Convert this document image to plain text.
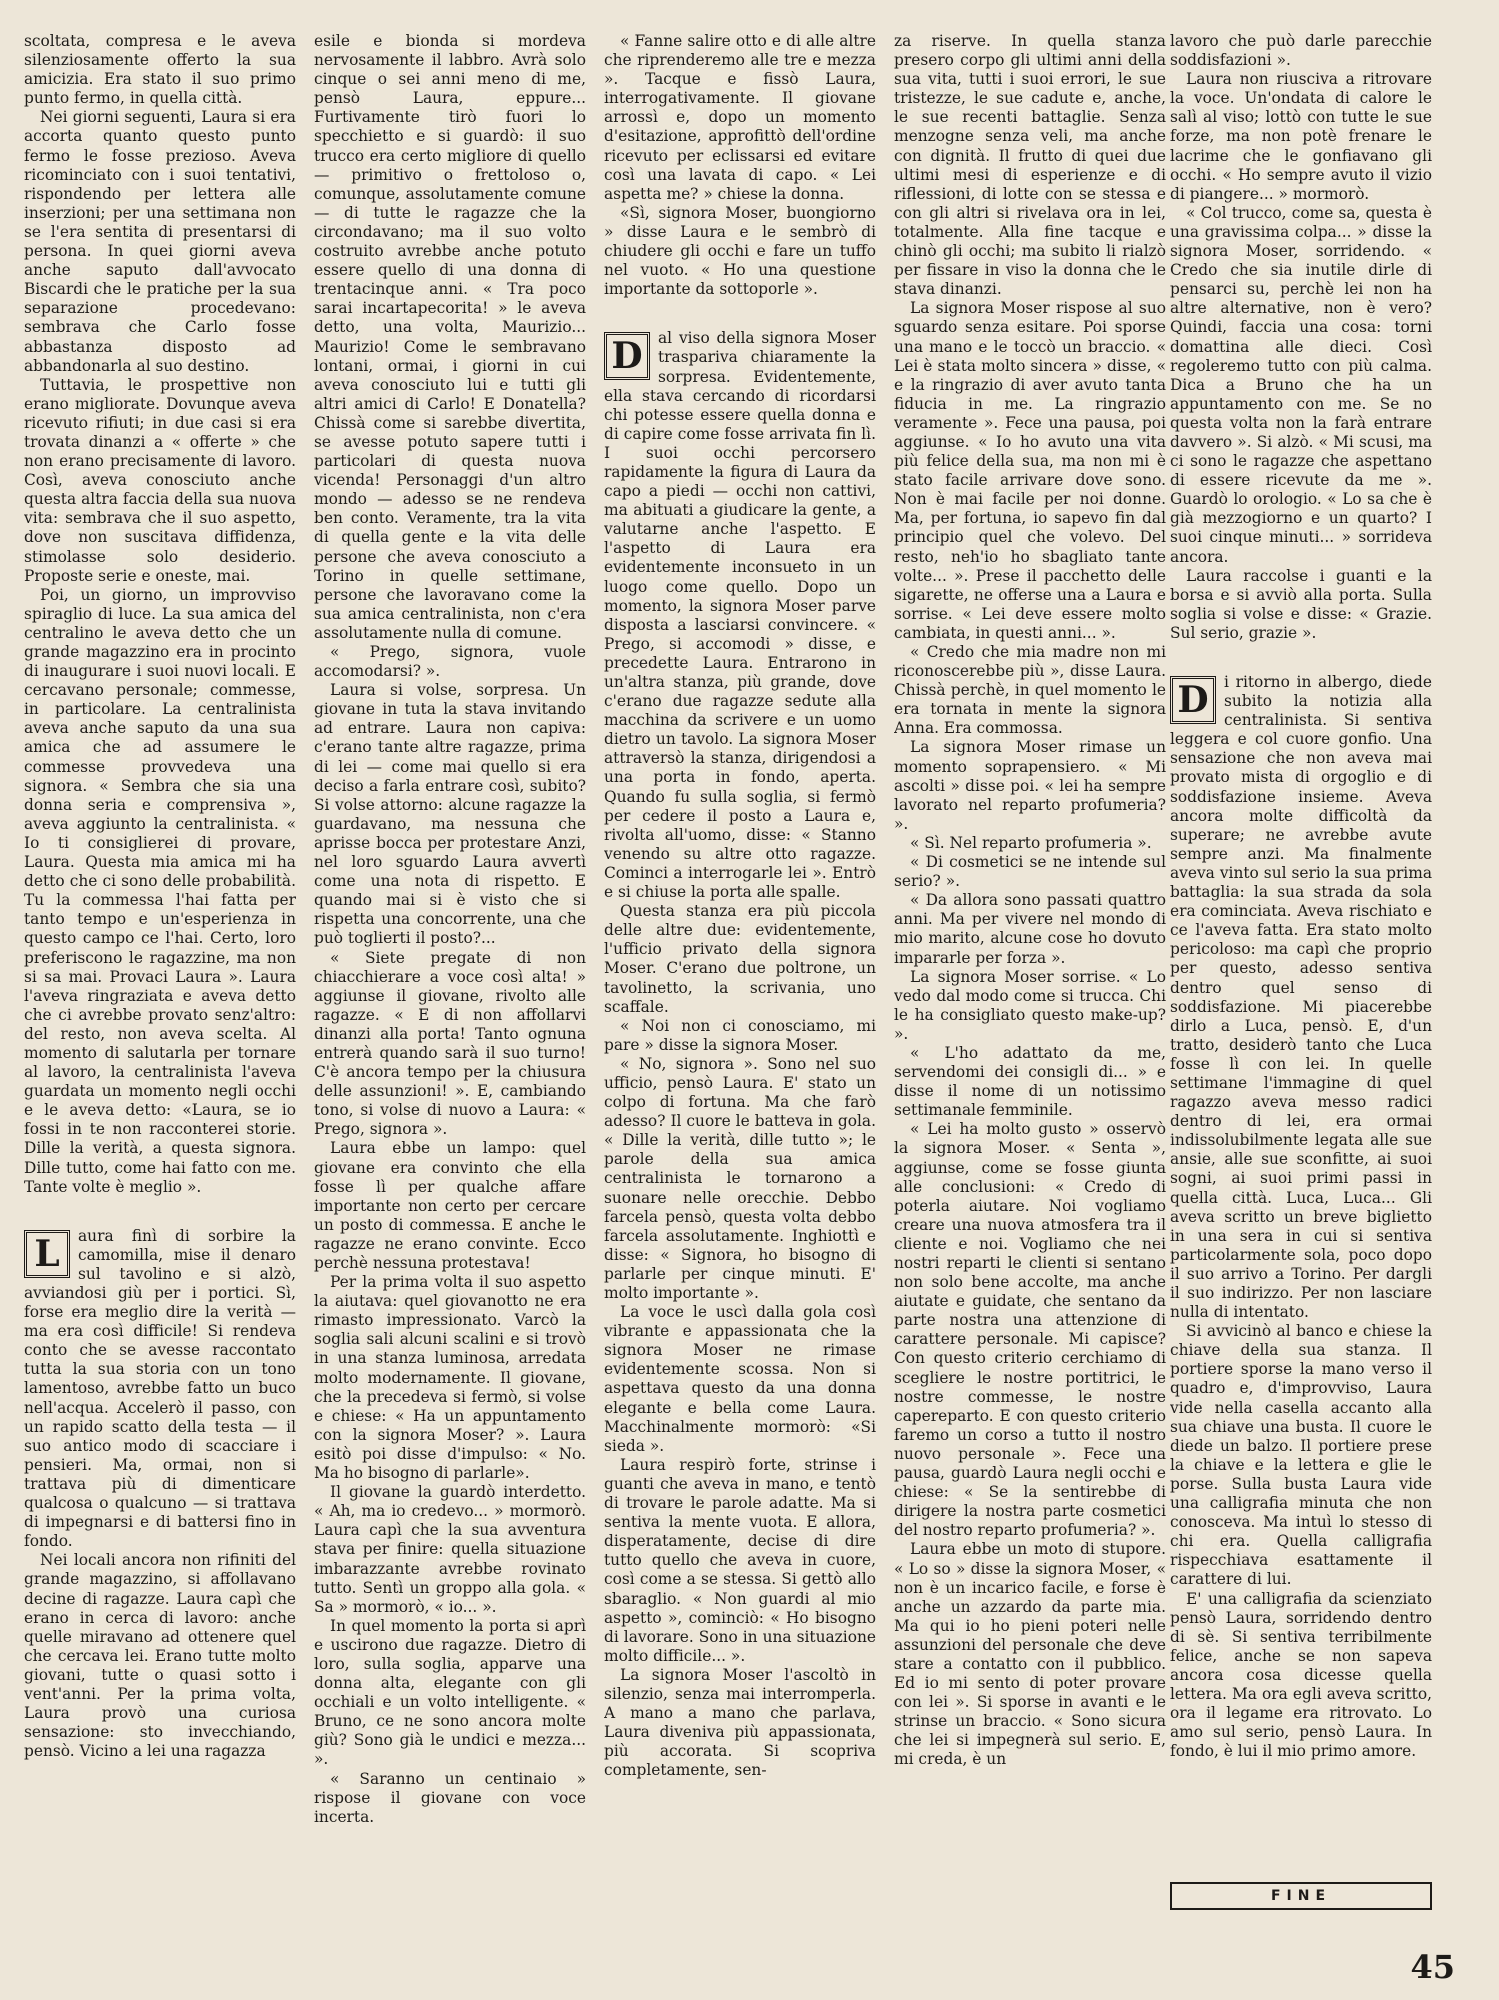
scoltata, compresa e le aveva silenziosamente offerto la sua amicizia. Era stato il suo primo punto fermo, in quella città.

Nei giorni seguenti, Laura si era accorta quanto questo punto fermo le fosse prezioso. Aveva ricominciato con i suoi tentativi, rispondendo per lettera alle inserzioni; per una settimana non se l'era sentita di presentarsi di persona. In quei giorni aveva anche saputo dall'avvocato Biscardi che le pratiche per la sua separazione procedevano: sembrava che Carlo fosse abbastanza disposto ad abbandonarla al suo destino.

Tuttavia, le prospettive non erano migliorate. Dovunque aveva ricevuto rifiuti; in due casi si era trovata dinanzi a « offerte » che non erano precisamente di lavoro. Così, aveva conosciuto anche questa altra faccia della sua nuova vita: sembrava che il suo aspetto, dove non suscitava diffidenza, stimolasse solo desiderio. Proposte serie e oneste, mai.

Poi, un giorno, un improvviso spiraglio di luce. La sua amica del centralino le aveva detto che un grande magazzino era in procinto di inaugurare i suoi nuovi locali. E cercavano personale; commesse, in particolare. La centralinista aveva anche saputo da una sua amica che ad assumere le commesse provvedeva una signora. « Sembra che sia una donna seria e comprensiva », aveva aggiunto la centralinista. « Io ti consiglierei di provare, Laura. Questa mia amica mi ha detto che ci sono delle probabilità. Tu la commessa l'hai fatta per tanto tempo e un'esperienza in questo campo ce l'hai. Certo, loro preferiscono le ragazzine, ma non si sa mai. Provaci Laura ». Laura l'aveva ringraziata e aveva detto che ci avrebbe provato senz'altro: del resto, non aveva scelta. Al momento di salutarla per tornare al lavoro, la centralinista l'aveva guardata un momento negli occhi e le aveva detto: «Laura, se io fossi in te non racconterei storie. Dille la verità, a questa signora. Dille tutto, come hai fatto con me. Tante volte è meglio ».

L	aura finì di sorbire la camomilla, mise il denaro sul tavolino e si alzò, avviandosi giù per i portici. Sì, forse era meglio dire la verità — ma era così difficile! Si rendeva conto che se avesse raccontato tutta la sua storia con un tono lamentoso, avrebbe fatto un buco nell'acqua. Accelerò il passo, con un rapido scatto della testa — il suo antico modo di scacciare i pensieri. Ma, ormai, non si trattava più di dimenticare qualcosa o qualcuno — si trattava di impegnarsi e di battersi fino in fondo.

Nei locali ancora non rifiniti del grande magazzino, si affollavano decine di ragazze. Laura capì che erano in cerca di lavoro: anche quelle miravano ad ottenere quel che cercava lei. Erano tutte molto giovani, tutte o quasi sotto i vent'anni. Per la prima volta, Laura provò una curiosa sensazione: sto invecchiando, pensò. Vicino a lei una ragazza

esile e bionda si mordeva nervosamente il labbro. Avrà solo cinque o sei anni meno di me, pensò Laura, eppure... Furtivamente tirò fuori lo specchietto e si guardò: il suo trucco era certo migliore di quello — primitivo o frettoloso o, comunque, assolutamente comune — di tutte le ragazze che la circondavano; ma il suo volto costruito avrebbe anche potuto essere quello di una donna di trentacinque anni. « Tra poco sarai incartapecorita! » le aveva detto, una volta, Maurizio... Maurizio! Come le sembravano lontani, ormai, i giorni in cui aveva conosciuto lui e tutti gli altri amici di Carlo! E Donatella? Chissà come si sarebbe divertita, se avesse potuto sapere tutti i particolari di questa nuova vicenda! Personaggi d'un altro mondo — adesso se ne rendeva ben conto. Veramente, tra la vita di quella gente e la vita delle persone che aveva conosciuto a Torino in quelle settimane, persone che lavoravano come la sua amica centralinista, non c'era assolutamente nulla di comune.

« Prego, signora, vuole accomodarsi? ».

Laura si volse, sorpresa. Un giovane in tuta la stava invitando ad entrare. Laura non capiva: c'erano tante altre ragazze, prima di lei — come mai quello si era deciso a farla entrare così, subito? Si volse attorno: alcune ragazze la guardavano, ma nessuna che aprisse bocca per protestare Anzi, nel loro sguardo Laura avvertì come una nota di rispetto. E quando mai si è visto che si rispetta una concorrente, una che può toglierti il posto?...

« Siete pregate di non chiacchierare a voce così alta! » aggiunse il giovane, rivolto alle ragazze. « E di non affollarvi dinanzi alla porta! Tanto ognuna entrerà quando sarà il suo turno! C'è ancora tempo per la chiusura delle assunzioni! ». E, cambiando tono, si volse di nuovo a Laura: « Prego, signora ».

Laura ebbe un lampo: quel giovane era convinto che ella fosse lì per qualche affare importante non certo per cercare un posto di commessa. E anche le ragazze ne erano convinte. Ecco perchè nessuna protestava!

Per la prima volta il suo aspetto la aiutava: quel giovanotto ne era rimasto impressionato. Varcò la soglia sali alcuni scalini e si trovò in una stanza luminosa, arredata molto modernamente. Il giovane, che la precedeva si fermò, si volse e chiese: « Ha un appuntamento con la signora Moser? ». Laura esitò poi disse d'impulso: « No. Ma ho bisogno di parlarle».

Il giovane la guardò interdetto. « Ah, ma io credevo... » mormorò. Laura capì che la sua avventura stava per finire: quella situazione imbarazzante avrebbe rovinato tutto. Sentì un groppo alla gola. « Sa » mormorò, « io... ».

In quel momento la porta si aprì e uscirono due ragazze. Dietro di loro, sulla soglia, apparve una donna alta, elegante con gli occhiali e un volto intelligente. « Bruno, ce ne sono ancora molte giù? Sono già le undici e mezza... ».

« Saranno un centinaio » rispose il giovane con voce incerta.

« Fanne salire otto e di alle altre che riprenderemo alle tre e mezza ». Tacque e fissò Laura, interrogativamente. Il giovane arrossì e, dopo un momento d'esitazione, approfittò dell'ordine ricevuto per eclissarsi ed evitare così una lavata di capo. « Lei aspetta me? » chiese la donna.

«Sì, signora Moser, buongiorno » disse Laura e le sembrò di chiudere gli occhi e fare un tuffo nel vuoto. « Ho una questione importante da sottoporle ».

D al viso della signora Moser traspariva chiaramente la sorpresa. Evidentemente, ella stava cercando di ricordarsi chi potesse essere quella donna e di capire come fosse arrivata fin lì. I suoi occhi percorsero rapidamente la figura di Laura da capo a piedi — occhi non cattivi, ma abituati a giudicare la gente, a valutarne anche l'aspetto. E l'aspetto di Laura era evidentemente inconsueto in un luogo come quello. Dopo un momento, la signora Moser parve disposta a lasciarsi convincere. « Prego, si accomodi » disse, e precedette Laura. Entrarono in un'altra stanza, più grande, dove c'erano due ragazze sedute alla macchina da scrivere e un uomo dietro un tavolo. La signora Moser attraversò la stanza, dirigendosi a una porta in fondo, aperta. Quando fu sulla soglia, si fermò per cedere il posto a Laura e, rivolta all'uomo, disse: « Stanno venendo su altre otto ragazze. Cominci a interrogarle lei ». Entrò e si chiuse la porta alle spalle.

Questa stanza era più piccola delle altre due: evidentemente, l'ufficio privato della signora Moser. C'erano due poltrone, un tavolinetto, la scrivania, uno scaffale.

« Noi non ci conosciamo, mi pare » disse la signora Moser.

« No, signora ». Sono nel suo ufficio, pensò Laura. E' stato un colpo di fortuna. Ma che farò adesso? Il cuore le batteva in gola. « Dille la verità, dille tutto »; le parole della sua amica centralinista le tornarono a suonare nelle orecchie. Debbo farcela pensò, questa volta debbo farcela assolutamente. Inghiottì e disse: « Signora, ho bisogno di parlarle per cinque minuti. E' molto importante ».

La voce le uscì dalla gola così vibrante e appassionata che la signora Moser ne rimase evidentemente scossa. Non si aspettava questo da una donna elegante e bella come Laura. Macchinalmente mormorò: «Si sieda ».

Laura respirò forte, strinse i guanti che aveva in mano, e tentò di trovare le parole adatte. Ma si sentiva la mente vuota. E allora, disperatamente, decise di dire tutto quello che aveva in cuore, così come a se stessa. Si gettò allo sbaraglio. « Non guardi al mio aspetto », cominciò: « Ho bisogno di lavorare. Sono in una situazione molto difficile... ».

La signora Moser l'ascoltò in silenzio, senza mai interromperla. A mano a mano che parlava, Laura diveniva più appassionata, più accorata. Si scopriva completamente, sen-

za riserve. In quella stanza presero corpo gli ultimi anni della sua vita, tutti i suoi errori, le sue tristezze, le sue cadute e, anche, le sue recenti battaglie. Senza menzogne senza veli, ma anche con dignità. Il frutto di quei due ultimi mesi di esperienze e di riflessioni, di lotte con se stessa e con gli altri si rivelava ora in lei, totalmente. Alla fine tacque e chinò gli occhi; ma subito li rialzò per fissare in viso la donna che le stava dinanzi.

La signora Moser rispose al suo sguardo senza esitare. Poi sporse una mano e le toccò un braccio. « Lei è stata molto sincera » disse, « e la ringrazio di aver avuto tanta fiducia in me. La ringrazio veramente ». Fece una pausa, poi aggiunse. « Io ho avuto una vita più felice della sua, ma non mi è stato facile arrivare dove sono. Non è mai facile per noi donne. Ma, per fortuna, io sapevo fin dal principio quel che volevo. Del resto, neh'io ho sbagliato tante volte... ». Prese il pacchetto delle sigarette, ne offerse una a Laura e sorrise. « Lei deve essere molto cambiata, in questi anni... ».

« Credo che mia madre non mi riconoscerebbe più », disse Laura. Chissà perchè, in quel momento le era tornata in mente la signora Anna. Era commossa.

La signora Moser rimase un momento soprapensiero. « Mi ascolti » disse poi. « lei ha sempre lavorato nel reparto profumeria? ».

« Sì. Nel reparto profumeria ».

« Di cosmetici se ne intende sul serio? ».

« Da allora sono passati quattro anni. Ma per vivere nel mondo di mio marito, alcune cose ho dovuto impararle per forza ».

La signora Moser sorrise. « Lo vedo dal modo come si trucca. Chi le ha consigliato questo make-up? ».

« L'ho adattato da me, servendomi dei consigli di... » e disse il nome di un notissimo settimanale femminile.

« Lei ha molto gusto » osservò la signora Moser. « Senta », aggiunse, come se fosse giunta alle conclusioni: « Credo di poterla aiutare. Noi vogliamo creare una nuova atmosfera tra il cliente e noi. Vogliamo che nei nostri reparti le clienti si sentano non solo bene accolte, ma anche aiutate e guidate, che sentano da parte nostra una attenzione di carattere personale. Mi capisce? Con questo criterio cerchiamo di scegliere le nostre portitrici, le nostre commesse, le nostre capereparto. E con questo criterio faremo un corso a tutto il nostro nuovo personale ». Fece una pausa, guardò Laura negli occhi e chiese: « Se la sentirebbe di dirigere la nostra parte cosmetici del nostro reparto profumeria? ».

Laura ebbe un moto di stupore. « Lo so » disse la signora Moser, « non è un incarico facile, e forse è anche un azzardo da parte mia. Ma qui io ho pieni poteri nelle assunzioni del personale che deve stare a contatto con il pubblico. Ed io mi sento di poter provare con lei ». Si sporse in avanti e le strinse un braccio. « Sono sicura che lei si impegnerà sul serio. E, mi creda, è un

lavoro che può darle parecchie soddisfazioni ».

Laura non riusciva a ritrovare la voce. Un'ondata di calore le salì al viso; lottò con tutte le sue forze, ma non potè frenare le lacrime che le gonfiavano gli occhi. « Ho sempre avuto il vizio di piangere... » mormorò.

« Col trucco, come sa, questa è una gravissima colpa... » disse la signora Moser, sorridendo. « Credo che sia inutile dirle di pensarci su, perchè lei non ha altre alternative, non è vero? Quindi, faccia una cosa: torni domattina alle dieci. Così regoleremo tutto con più calma. Dica a Bruno che ha un appuntamento con me. Se no questa volta non la farà entrare davvero ». Si alzò. « Mi scusi, ma ci sono le ragazze che aspettano di essere ricevute da me ». Guardò lo orologio. « Lo sa che è già mezzogiorno e un quarto? I suoi cinque minuti... » sorrideva ancora.

Laura raccolse i guanti e la borsa e si avviò alla porta. Sulla soglia si volse e disse: « Grazie. Sul serio, grazie ».

D i ritorno in albergo, diede subito la notizia alla centralinista. Si sentiva leggera e col cuore gonfio. Una sensazione che non aveva mai provato mista di orgoglio e di soddisfazione insieme. Aveva ancora molte difficoltà da superare; ne avrebbe avute sempre anzi. Ma finalmente aveva vinto sul serio la sua prima battaglia: la sua strada da sola era cominciata. Aveva rischiato e ce l'aveva fatta. Era stato molto pericoloso: ma capì che proprio per questo, adesso sentiva dentro quel senso di soddisfazione. Mi piacerebbe dirlo a Luca, pensò. E, d'un tratto, desiderò tanto che Luca fosse lì con lei. In quelle settimane l'immagine di quel ragazzo aveva messo radici dentro di lei, era ormai indissolubilmente legata alle sue ansie, alle sue sconfitte, ai suoi sogni, ai suoi primi passi in quella città. Luca, Luca... Gli aveva scritto un breve biglietto in una sera in cui si sentiva particolarmente sola, poco dopo il suo arrivo a Torino. Per dargli il suo indirizzo. Per non lasciare nulla di intentato.

Si avvicinò al banco e chiese la chiave della sua stanza. Il portiere sporse la mano verso il quadro e, d'improvviso, Laura vide nella casella accanto alla sua chiave una busta. Il cuore le diede un balzo. Il portiere prese la chiave e la lettera e glie le porse. Sulla busta Laura vide una calligrafia minuta che non conosceva. Ma intuì lo stesso di chi era. Quella calligrafia rispecchiava esattamente il carattere di lui.

E' una calligrafia da scienziato pensò Laura, sorridendo dentro di sè. Si sentiva terribilmente felice, anche se non sapeva ancora cosa dicesse quella lettera. Ma ora egli aveva scritto, ora il legame era ritrovato. Lo amo sul serio, pensò Laura. In fondo, è lui il mio primo amore.

FINE
45
